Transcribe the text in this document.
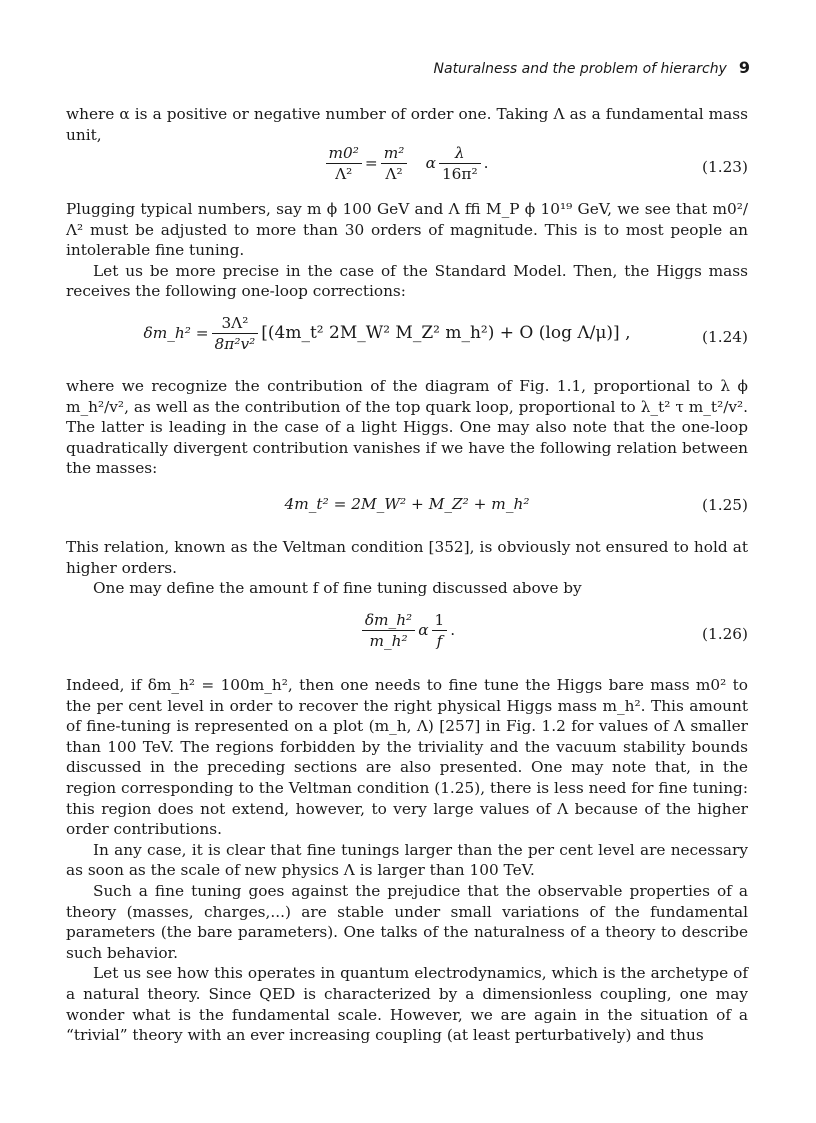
Naturalness and the problem of hierarchy 9

where α is a positive or negative number of order one. Taking Λ as a fundamental mass unit,

$\frac{\text{m0²}}{\text{Λ²}} = \frac{\text{m²}}{\text{Λ²}}$ α $\frac{\lambda}{\text{16π²}}$ .	(1.23)

Plugging typical numbers, say m ϕ 100 GeV and Λ ﬃ M_P ϕ 10¹⁹ GeV, we see that m0²/Λ² must be adjusted to more than 30 orders of magnitude. This is to most people an intolerable fine tuning.

Let us be more precise in the case of the Standard Model. Then, the Higgs mass receives the following one-loop corrections:

δm_h² = $\frac{\text{3Λ²}}{\text{8π²v²}}$ [(4m_t² 2M_W² M_Z² m_h²) + O (log Λ/μ)] ,	(1.24)

where we recognize the contribution of the diagram of Fig. 1.1, proportional to λ ϕ m_h²/v², as well as the contribution of the top quark loop, proportional to λ_t² τ m_t²/v². The latter is leading in the case of a light Higgs. One may also note that the one-loop quadratically divergent contribution vanishes if we have the following relation between the masses:

4m_t² = 2M_W² + M_Z² + m_h²	(1.25)

This relation, known as the Veltman condition [352], is obviously not ensured to hold at higher orders.

One may define the amount f of fine tuning discussed above by

$\frac{\text{δm\_h²}}{\text{m\_h²}}$ α $\frac{1}{f}$ .	(1.26)

Indeed, if δm_h² = 100m_h², then one needs to fine tune the Higgs bare mass m0² to the per cent level in order to recover the right physical Higgs mass m_h². This amount of fine-tuning is represented on a plot (m_h, Λ) [257] in Fig. 1.2 for values of Λ smaller than 100 TeV. The regions forbidden by the triviality and the vacuum stability bounds discussed in the preceding sections are also presented. One may note that, in the region corresponding to the Veltman condition (1.25), there is less need for fine tuning: this region does not extend, however, to very large values of Λ because of the higher order contributions.

In any case, it is clear that fine tunings larger than the per cent level are necessary as soon as the scale of new physics Λ is larger than 100 TeV.

Such a fine tuning goes against the prejudice that the observable properties of a theory (masses, charges,...) are stable under small variations of the fundamental parameters (the bare parameters). One talks of the naturalness of a theory to describe such behavior.

Let us see how this operates in quantum electrodynamics, which is the archetype of a natural theory. Since QED is characterized by a dimensionless coupling, one may wonder what is the fundamental scale. However, we are again in the situation of a “trivial” theory with an ever increasing coupling (at least perturbatively) and thus
